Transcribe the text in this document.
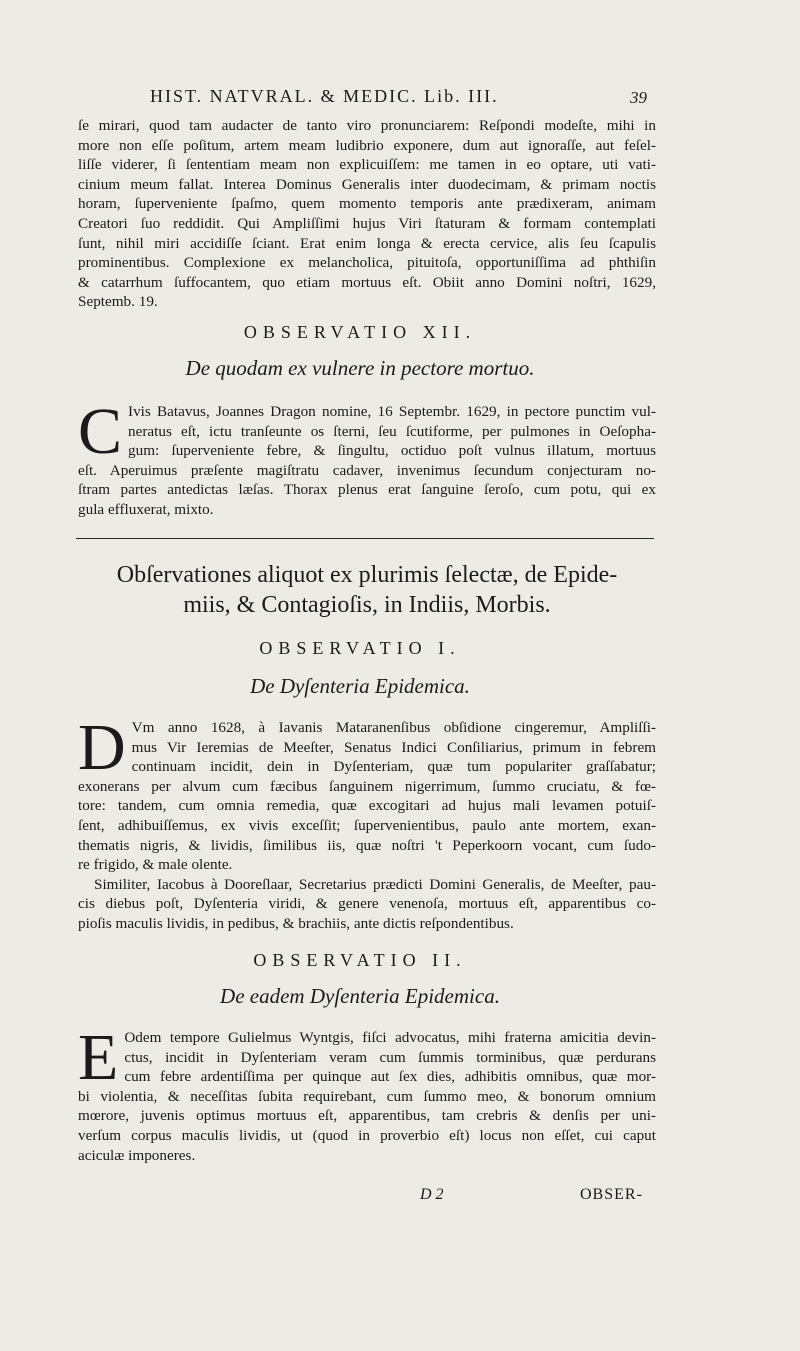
HIST. NATVRAL. & MEDIC. Lib. III.	39
ſe mirari, quod tam audacter de tanto viro pronunciarem: Reſpondi modeſte, mihi in
more non eſſe poſitum, artem meam ludibrio exponere, dum aut ignoraſſe, aut feſel-
liſſe viderer, ſi ſententiam meam non explicuiſſem: me tamen in eo optare, uti vati-
cinium meum fallat. Interea Dominus Generalis inter duodecimam, & primam noctis
horam, ſuperveniente ſpaſmo, quem momento temporis ante prædixeram, animam
Creatori ſuo reddidit. Qui Ampliſſimi hujus Viri ſtaturam & formam contemplati
ſunt, nihil miri accidiſſe ſciant. Erat enim longa & erecta cervice, alis ſeu ſcapulis
prominentibus. Complexione ex melancholica, pituitoſa, opportuniſſima ad phthiſin
& catarrhum ſuffocantem, quo etiam mortuus eſt. Obiit anno Domini noſtri, 1629,
Septemb. 19.
OBSERVATIO XII.
De quodam ex vulnere in pectore mortuo.
C Ivis Batavus, Joannes Dragon nomine, 16 Septembr. 1629, in pectore punctim vul-
neratus eſt, ictu tranſeunte os ſterni, ſeu ſcutiforme, per pulmones in Oeſopha-
gum: ſuperveniente febre, & ſingultu, octiduo poſt vulnus illatum, mortuus
eſt. Aperuimus præſente magiſtratu cadaver, invenimus ſecundum conjecturam no-
ſtram partes antedictas læſas. Thorax plenus erat ſanguine ſeroſo, cum potu, qui ex
gula effluxerat, mixto.
Obſervationes aliquot ex plurimis ſelectæ, de Epide-
miis, & Contagioſis, in Indiis, Morbis.
OBSERVATIO I.
De Dyſenteria Epidemica.
D Vm anno 1628, à Iavanis Mataranenſibus obſidione cingeremur, Ampliſſi-
mus Vir Ieremias de Meeſter, Senatus Indici Conſiliarius, primum in febrem
continuam incidit, dein in Dyſenteriam, quæ tum populariter graſſabatur;
exonerans per alvum cum fæcibus ſanguinem nigerrimum, ſummo cruciatu, & fœ-
tore: tandem, cum omnia remedia, quæ excogitari ad hujus mali levamen potuiſ-
ſent, adhibuiſſemus, ex vivis exceſſit; ſupervenientibus, paulo ante mortem, exan-
thematis nigris, & lividis, ſimilibus iis, quæ noſtri 't Peperkoorn vocant, cum ſudo-
re frigido, & male olente.
Similiter, Iacobus à Dooreſlaar, Secretarius prædicti Domini Generalis, de Meeſter, pau-
cis diebus poſt, Dyſenteria viridi, & genere venenoſa, mortuus eſt, apparentibus co-
pioſis maculis lividis, in pedibus, & brachiis, ante dictis reſpondentibus.
OBSERVATIO II.
De eadem Dyſenteria Epidemica.
E Odem tempore Gulielmus Wyntgis, fiſci advocatus, mihi fraterna amicitia devin-
ctus, incidit in Dyſenteriam veram cum ſummis torminibus, quæ perdurans
cum febre ardentiſſima per quinque aut ſex dies, adhibitis omnibus, quæ mor-
bi violentia, & neceſſitas ſubita requirebant, cum ſummo meo, & bonorum omnium
mœrore, juvenis optimus mortuus eſt, apparentibus, tam crebris & denſis per uni-
verſum corpus maculis lividis, ut (quod in proverbio eſt) locus non eſſet, cui caput
aciculæ imponeres.
D 2	OBSER-
